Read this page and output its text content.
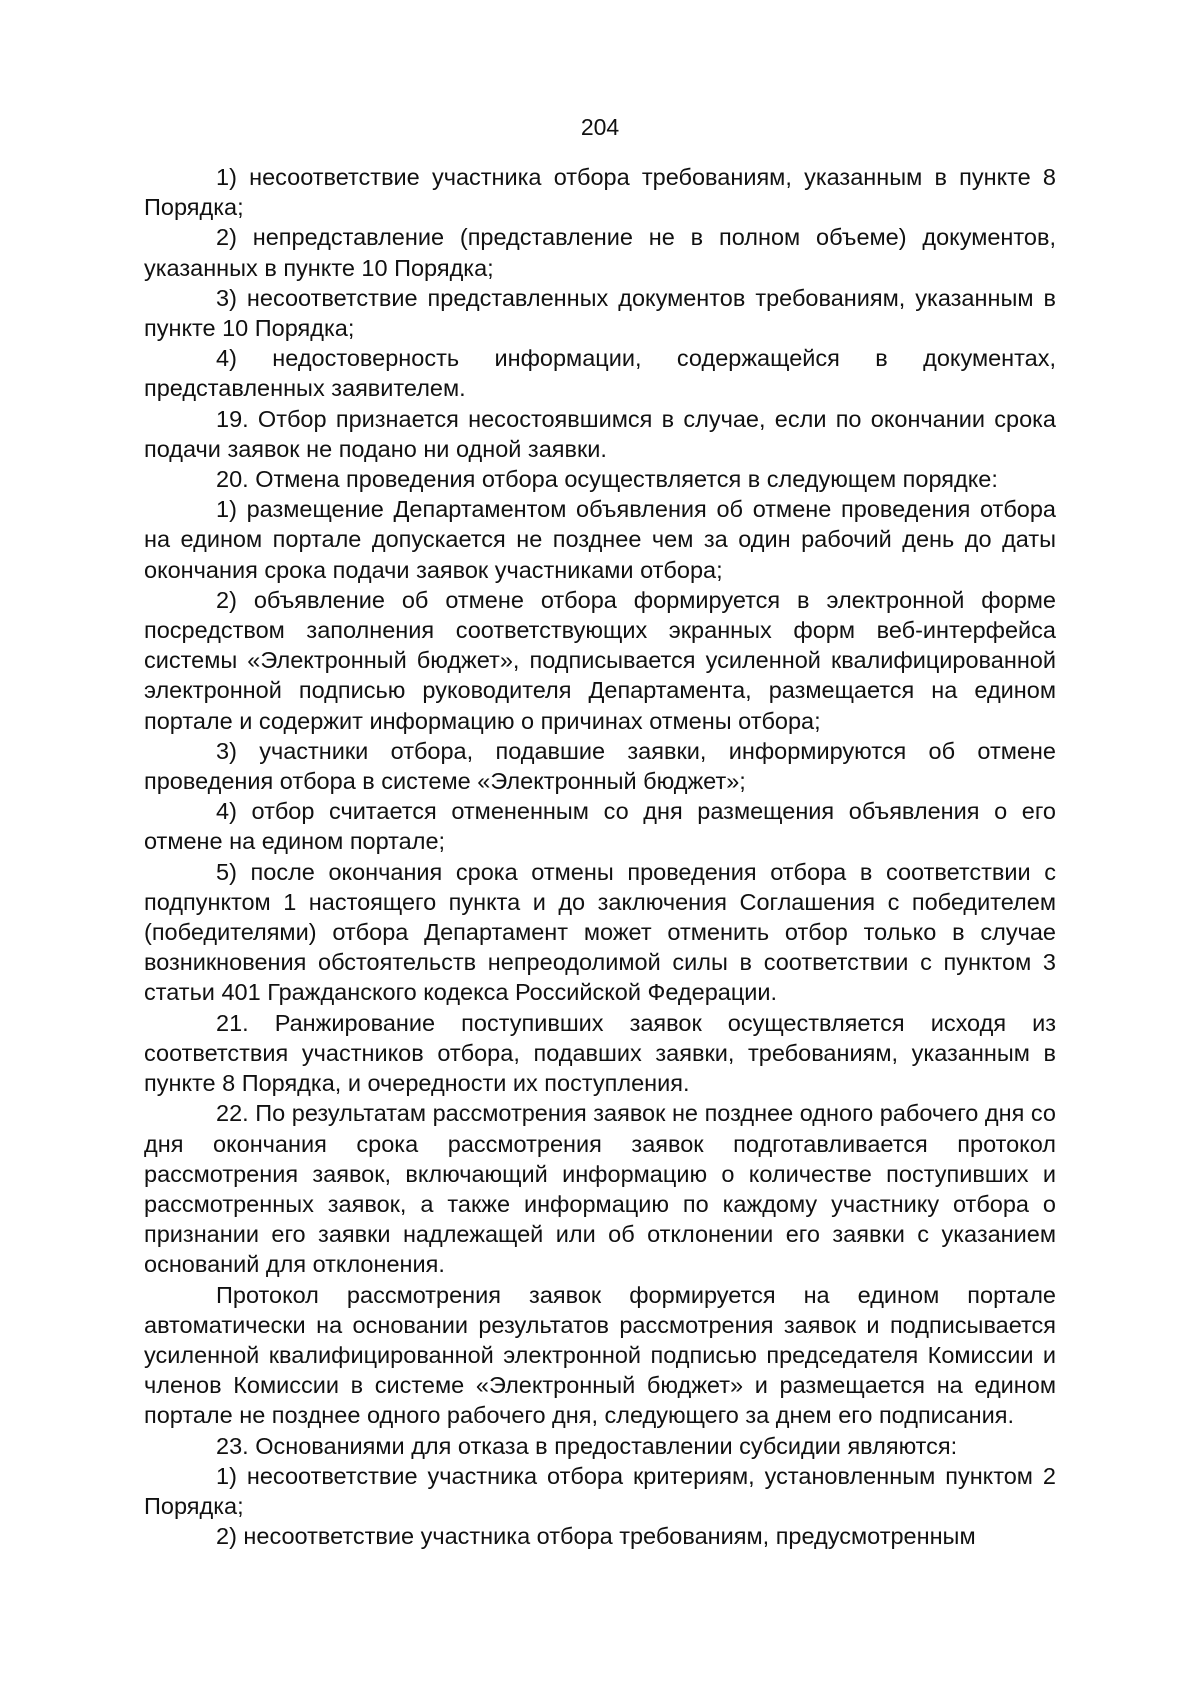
204

1) несоответствие участника отбора требованиям, указанным в пункте 8 Порядка;

2) непредставление (представление не в полном объеме) документов, указанных в пункте 10 Порядка;

3) несоответствие представленных документов требованиям, указанным в пункте 10 Порядка;

4) недостоверность информации, содержащейся в документах, представленных заявителем.

19. Отбор признается несостоявшимся в случае, если по окончании срока подачи заявок не подано ни одной заявки.

20. Отмена проведения отбора осуществляется в следующем порядке:

1) размещение Департаментом объявления об отмене проведения отбора на едином портале допускается не позднее чем за один рабочий день до даты окончания срока подачи заявок участниками отбора;

2) объявление об отмене отбора формируется в электронной форме посредством заполнения соответствующих экранных форм веб-интерфейса системы «Электронный бюджет», подписывается усиленной квалифицированной электронной подписью руководителя Департамента, размещается на едином портале и содержит информацию о причинах отмены отбора;

3) участники отбора, подавшие заявки, информируются об отмене проведения отбора в системе «Электронный бюджет»;

4) отбор считается отмененным со дня размещения объявления о его отмене на едином портале;

5) после окончания срока отмены проведения отбора в соответствии с подпунктом 1 настоящего пункта и до заключения Соглашения с победителем (победителями) отбора Департамент может отменить отбор только в случае возникновения обстоятельств непреодолимой силы в соответствии с пунктом 3 статьи 401 Гражданского кодекса Российской Федерации.

21. Ранжирование поступивших заявок осуществляется исходя из соответствия участников отбора, подавших заявки, требованиям, указанным в пункте 8 Порядка, и очередности их поступления.

22. По результатам рассмотрения заявок не позднее одного рабочего дня со дня окончания срока рассмотрения заявок подготавливается протокол рассмотрения заявок, включающий информацию о количестве поступивших и рассмотренных заявок, а также информацию по каждому участнику отбора о признании его заявки надлежащей или об отклонении его заявки с указанием оснований для отклонения.

Протокол рассмотрения заявок формируется на едином портале автоматически на основании результатов рассмотрения заявок и подписывается усиленной квалифицированной электронной подписью председателя Комиссии и членов Комиссии в системе «Электронный бюджет» и размещается на едином портале не позднее одного рабочего дня, следующего за днем его подписания.

23. Основаниями для отказа в предоставлении субсидии являются:

1) несоответствие участника отбора критериям, установленным пунктом 2 Порядка;

2) несоответствие участника отбора требованиям, предусмотренным
